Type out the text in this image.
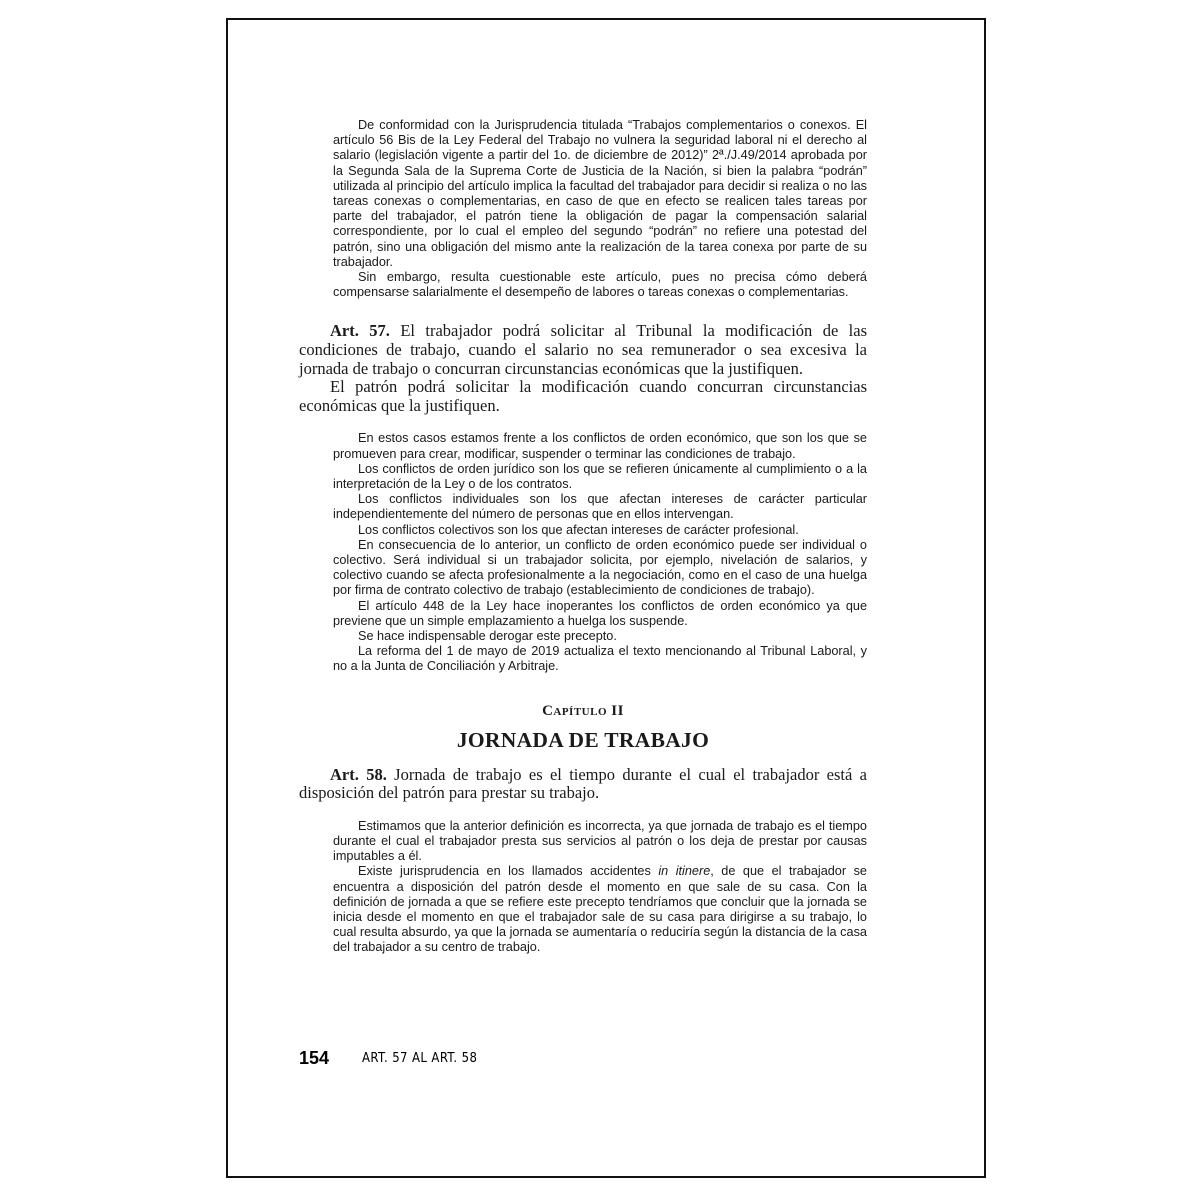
De conformidad con la Jurisprudencia titulada “Trabajos complementarios o conexos. El artículo 56 Bis de la Ley Federal del Trabajo no vulnera la seguridad laboral ni el derecho al salario (legislación vigente a partir del 1o. de diciembre de 2012)” 2ª./J.49/2014 aprobada por la Segunda Sala de la Suprema Corte de Justicia de la Nación, si bien la palabra “podrán” utilizada al principio del artículo implica la facultad del trabajador para decidir si realiza o no las tareas conexas o complementarias, en caso de que en efecto se realicen tales tareas por parte del trabajador, el patrón tiene la obligación de pagar la compensación salarial correspondiente, por lo cual el empleo del segundo “podrán” no refiere una potestad del patrón, sino una obligación del mismo ante la realización de la tarea conexa por parte de su trabajador.

Sin embargo, resulta cuestionable este artículo, pues no precisa cómo deberá compensarse salarialmente el desempeño de labores o tareas conexas o complementarias.

Art. 57. El trabajador podrá solicitar al Tribunal la modificación de las condiciones de trabajo, cuando el salario no sea remunerador o sea excesiva la jornada de trabajo o concurran circunstancias económicas que la justifiquen.

El patrón podrá solicitar la modificación cuando concurran circunstancias económicas que la justifiquen.

En estos casos estamos frente a los conflictos de orden económico, que son los que se promueven para crear, modificar, suspender o terminar las condiciones de trabajo.

Los conflictos de orden jurídico son los que se refieren únicamente al cumplimiento o a la interpretación de la Ley o de los contratos.

Los conflictos individuales son los que afectan intereses de carácter particular independientemente del número de personas que en ellos intervengan.

Los conflictos colectivos son los que afectan intereses de carácter profesional.

En consecuencia de lo anterior, un conflicto de orden económico puede ser individual o colectivo. Será individual si un trabajador solicita, por ejemplo, nivelación de salarios, y colectivo cuando se afecta profesionalmente a la negociación, como en el caso de una huelga por firma de contrato colectivo de trabajo (establecimiento de condiciones de trabajo).

El artículo 448 de la Ley hace inoperantes los conflictos de orden económico ya que previene que un simple emplazamiento a huelga los suspende.

Se hace indispensable derogar este precepto.

La reforma del 1 de mayo de 2019 actualiza el texto mencionando al Tribunal Laboral, y no a la Junta de Conciliación y Arbitraje.

Capítulo II
JORNADA DE TRABAJO

Art. 58. Jornada de trabajo es el tiempo durante el cual el trabajador está a disposición del patrón para prestar su trabajo.

Estimamos que la anterior definición es incorrecta, ya que jornada de trabajo es el tiempo durante el cual el trabajador presta sus servicios al patrón o los deja de prestar por causas imputables a él.

Existe jurisprudencia en los llamados accidentes in itinere, de que el trabajador se encuentra a disposición del patrón desde el momento en que sale de su casa. Con la definición de jornada a que se refiere este precepto tendríamos que concluir que la jornada se inicia desde el momento en que el trabajador sale de su casa para dirigirse a su trabajo, lo cual resulta absurdo, ya que la jornada se aumentaría o reduciría según la distancia de la casa del trabajador a su centro de trabajo.

154	ART. 57 AL ART. 58
